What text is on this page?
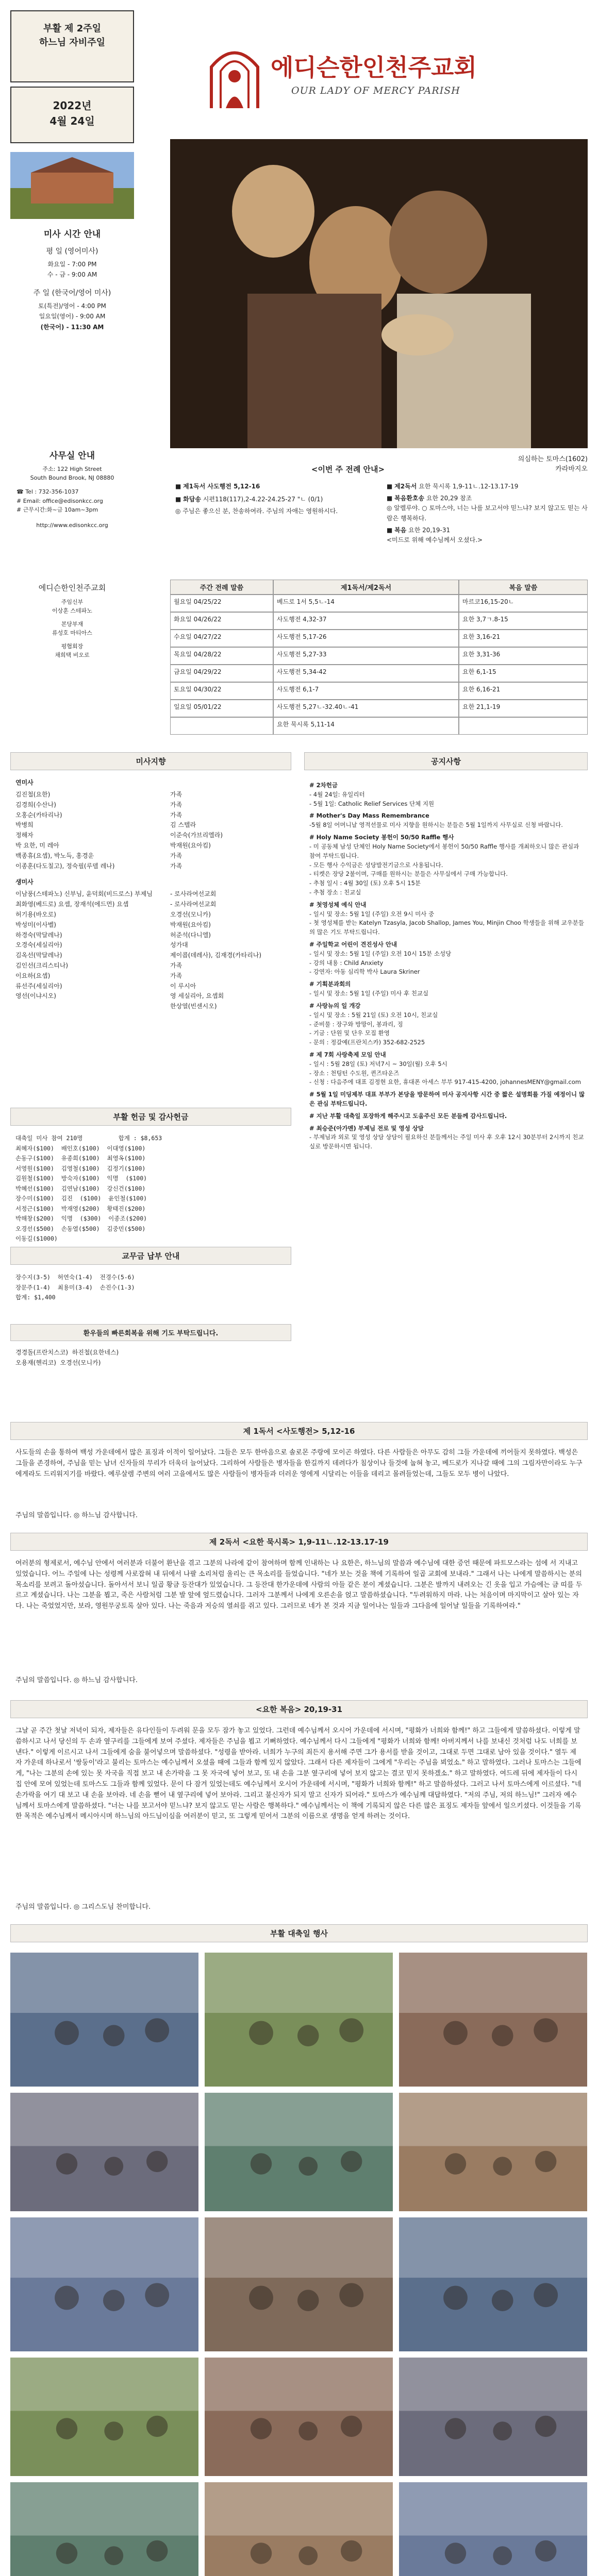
부활 제 2주일
하느님 자비주일
2022년
4월 24일
에디슨한인천주교회
OUR LADY OF MERCY PARISH
의심하는 토마스(1602)
카라바지오
미사 시간 안내
평 일 (영어미사)
화요일 - 7:00 PM
수 - 금 - 9:00 AM
주 일 (한국어/영어 미사)
토(특전)/영어 - 4:00 PM
일요일(영어) - 9:00 AM
(한국어) - 11:30 AM
사무실 안내
주소: 122 High Street
South Bound Brook, NJ 08880
☎ Tel : 732-356-1037
# Email: office@edisonkcc.org
# 근무시간:화~금 10am~3pm
http://www.edisonkcc.org
에디슨한인천주교회
주임신부
이상훈 스테파노
본당부재
류성호 마티아스
평협회장
채희택 비오로
<이번 주 전례 안내>
■ 제1독서 사도행전 5,12-16
■ 화답송 시편118(117),2-4.22-24.25-27 "ㄴ (0/1)
◎ 주님은 좋으신 분, 찬송하여라. 주님의 자애는 영원하시다.
■ 제2독서 요한 묵시록 1,9-11ㄴ.12-13.17-19
■ 복음환호송 요한 20,29 참조
◎ 알렐루야. ○ 토마스야, 너는 나를 보고서야 믿느냐? 보지 않고도 믿는 사람은 행복하다.
■ 복음 요한 20,19-31
<미드로 위해 예수님께서 오셨다.>
주간 전례 말씀	제1독서/제2독서	복음 말씀
월요일 04/25/22	베드로 1서 5,5ㄴ-14	마르코16,15-20ㄴ
화요일 04/26/22	사도행전 4,32-37	요한 3,7ㄱ.8-15
수요일 04/27/22	사도행전 5,17-26	요한 3,16-21
목요일 04/28/22	사도행전 5,27-33	요한 3,31-36
금요일 04/29/22	사도행전 5,34-42	요한 6,1-15
토요일 04/30/22	사도행전 6,1-7	요한 6,16-21
일요일 05/01/22	사도행전 5,27ㄴ-32.40ㄴ-41	요한 21,1-19
요한 묵시록 5,11-14
미사지향
연미사
김진철(요한)	가족
김경희(수산나)	가족
오홍순(카타리나)	가족
박병희	김 스텔라
정해자	이준숙(가브리엘라)
박 요한, 미 레아	박재원(요아킴)
백종휴(요셉), 박노득, 홍경운	가족
이종훈(다도칠고), 정숙필(루델 레나)	가족
생미사
이남풍(스테파노) 신부님, 윤덕회(비드로스) 부제님	- 로사라여선교회
최화영(베드로) 요셉, 장재석(에드먼) 요셉	- 로사라여선교회
허기용(바오로)	오경선(모니카)
박성미(이사벨)	박재원(요아킴)
하경숙(막달레나)	허준석(다니엘)
오경숙(세실리아)	성가대
김옥선(막달레나)	제이콥(데레사), 김재경(카타리나)
김인선(크리스티나)	가족
이요하(요셉)	가족
류선주(세실리아)	이 루시아
영선(이냐시오)	영 세실리아, 요셉회
한상열(빈센시오)
부활 헌금 및 감사헌금
대축일 미사 참여 210명          합계 : $8,653
최혜자($100)  배인호($100)  이대영($100)
손동구($100)  유종희($100)  최영옥($100)
서영원($100)  김영철($100)  김정기($100)
김원철($100)  방숙자($100)  익명  ($100)
박혜선($100)  김연남($100)  강신건($100)
장수미($100)  김진  ($100)  윤인철($100)
서정근($100)  박재영($200)  황태진($200)
박해창($200)  익명  ($300)  이종조($200)
오경선($500)  손동열($500)  김중민($500)
이동길($1000)
교무금 납부 안내
장수지(3-5)  허연숙(1-4)  전경수(5-6)
장문주(1-4)  최용미(3-4)  손진수(1-3)
합계: $1,400
환우들의 빠른회복을 위해 기도 부탁드립니다.
경경돌(프란치스코)  하진철(요한네스)
오용재(헨리코)  오경선(모니카)
공지사항
# 2차헌금
- 4월 24일: 유일리터
- 5월 1일: Catholic Relief Services 단체 지원
# Mother's Day Mass Remembrance
-5월 8일 어머니날 영적선물로 미사 지향을 원하시는 분들은 5월 1일까지 사무실로 신청 바랍니다.
# Holy Name Society 봉헌이 50/50 Raffle 행사
- 미 공동체 남성 단체인 Holy Name Society에서 봉헌이 50/50 Raffle 행사를 개최하오니 많은 관심과 참여 부탁드립니다.
- 모든 행사 수익금은 성당발전기금으로 사용됩니다.
- 티켓은 장당 2불이며, 구매를 원하시는 분들은 사무실에서 구매 가능합니다.
- 추첨 일시 : 4월 30일 (토) 오후 5시 15분
- 추첨 장소 : 친교실
# 첫영성체 예식 안내
- 일시 및 장소: 5월 1일 (주일) 오전 9시 미사 중
- 첫 영성체를 받는 Katelyn Tzasyla, Jacob Shallop, James You, Minjin Choo 학생들을 위해 교우분들의 많은 기도 부탁드립니다.
# 주일학교 어린이 견진성사 안내
- 일시 및 장소: 5월 1일 (주일) 오전 10시 15분 소성당
- 강의 내용 : Child Anxiety
- 강연자: 아동 심리학 박사 Laura Skriner
# 기획분과회의
- 일시 및 장소: 5월 1일 (주일) 미사 후 친교실
# 사랑뉴의 일 개강
- 일시 및 장소 : 5월 21일 (토) 오전 10시, 친교실
- 준비물 : 장구와 방망이, 봉과리, 징
- 기금 : 단원 및 단우 모집 환영
- 문의 : 정갈예(프란치스카) 352-682-2525
# 제 7회 사랑축제 모임 안내
- 일시 : 5월 28일 (토) 저녁7시 ~ 30일(월) 오후 5시
- 장소 : 천팅턴 수도원, 퀸즈타운즈
- 신청 : 다음주에 대표 김정현 요한, 휴대폰 아세스 부부 917-415-4200, johannesMENY@gmail.com
# 5월 1일 미딩제부 대표 부부가 본당을 방문하여 미사 공지사항 시간 중 짧은 설명회를 가질 예정이니 많은 관심 부탁드립니다.
# 지난 부활 대축일 포장하게 해주시고 도움주신 모든 분들께 감사드립니다.
# 최승준(아가멘) 부제님 전로 및 영성 상담
- 부제님과 외로 및 영성 상담 상담이 필요하신 분들께서는 주일 미사 후 오후 12시 30분부터 2시까지 친교실로 방문하시면 됩니다.
제 1독서 <사도행전> 5,12-16
사도들의 손을 통하여 백성 가운데에서 많은 표징과 이적이 일어났다. 그들은 모두 한마음으로 솔로몬 주랑에 모이곤 하였다. 다른 사람들은 아무도 감히 그들 가운데에 끼어들지 못하였다. 백성은 그들을 존경하여, 주님을 믿는 남녀 신자들의 무리가 더욱더 늘어났다. 그리하여 사람들은 병자들을 한길까지 데려다가 침상이나 들것에 눕혀 놓고, 베드로가 지나갈 때에 그의 그림자만이라도 누구에게라도 드리워지기를 바랐다. 예루살렘 주변의 여러 고을에서도 많은 사람들이 병자들과 더러운 영에게 시달리는 이들을 데리고 몰려들었는데, 그들도 모두 병이 나았다.
주님의 말씀입니다. ◎ 하느님 감사합니다.
제 2독서 <요한 묵시록> 1,9-11ㄴ.12-13.17-19
여러분의 형제로서, 예수님 안에서 여러분과 더불어 환난을 겪고 그분의 나라에 같이 참여하며 함께 인내하는 나 요한은, 하느님의 말씀과 예수님에 대한 증언 때문에 파트모스라는 섬에 서 지내고 있었습니다. 어느 주일에 나는 성령께 사로잡혀 내 뒤에서 나팔 소리처럼 울리는 큰 목소리를 들었습니다. "네가 보는 것을 책에 기록하여 일곱 교회에 보내라." 그래서 나는 나에게 말씀하시는 분의 목소리를 보려고 돌아섰습니다. 돌아서서 보니 일곱 황금 등잔대가 있었습니다. 그 등잔대 한가운데에 사람의 아들 같은 분이 계셨습니다. 그분은 발까지 내려오는 긴 옷을 입고 가슴에는 금 띠를 두르고 계셨습니다. 나는 그분을 뵙고, 죽은 사람처럼 그분 발 앞에 엎드렸습니다. 그러자 그분께서 나에게 오른손을 얹고 말씀하셨습니다. "두려워하지 마라. 나는 처음이며 마지막이고 살아 있는 자다. 나는 죽었었지만, 보라, 영원무궁토록 살아 있다. 나는 죽음과 저승의 열쇠를 쥐고 있다. 그러므로 네가 본 것과 지금 일어나는 일들과 그다음에 일어날 일들을 기록하여라."
주님의 말씀입니다. ◎ 하느님 감사합니다.
<요한 복음> 20,19-31
그날 곧 주간 첫날 저녁이 되자, 제자들은 유다인들이 두려워 문을 모두 잠가 놓고 있었다. 그런데 예수님께서 오시어 가운데에 서시며, "평화가 너희와 함께!" 하고 그들에게 말씀하셨다. 이렇게 말씀하시고 나서 당신의 두 손과 옆구리를 그들에게 보여 주셨다. 제자들은 주님을 뵙고 기뻐하였다. 예수님께서 다시 그들에게 "평화가 너희와 함께! 아버지께서 나를 보내신 것처럼 나도 너희를 보낸다." 이렇게 이르시고 나서 그들에게 숨을 불어넣으며 말씀하셨다. "성령을 받아라. 너희가 누구의 죄든지 용서해 주면 그가 용서를 받을 것이고, 그대로 두면 그대로 남아 있을 것이다." 열두 제자 가운데 하나로서 '쌍둥이'라고 불리는 토마스는 예수님께서 오셨을 때에 그들과 함께 있지 않았다. 그래서 다른 제자들이 그에게 "우리는 주님을 뵈었소." 하고 말하였다. 그러나 토마스는 그들에게, "나는 그분의 손에 있는 못 자국을 직접 보고 내 손가락을 그 못 자국에 넣어 보고, 또 내 손을 그분 옆구리에 넣어 보지 않고는 결코 믿지 못하겠소." 하고 말하였다. 여드레 뒤에 제자들이 다시 집 안에 모여 있었는데 토마스도 그들과 함께 있었다. 문이 다 잠겨 있었는데도 예수님께서 오시어 가운데에 서시며, "평화가 너희와 함께!" 하고 말씀하셨다. 그러고 나서 토마스에게 이르셨다. "네 손가락을 여기 대 보고 내 손을 보아라. 네 손을 뻗어 내 옆구리에 넣어 보아라. 그리고 불신자가 되지 말고 신자가 되어라." 토마스가 예수님께 대답하였다. "저의 주님, 저의 하느님!" 그러자 예수님께서 토마스에게 말씀하셨다. "너는 나를 보고서야 믿느냐? 보지 않고도 믿는 사람은 행복하다." 예수님께서는 이 책에 기록되지 않은 다른 많은 표징도 제자들 앞에서 일으키셨다. 이것들을 기록한 목적은 예수님께서 메시아시며 하느님의 아드님이심을 여러분이 믿고, 또 그렇게 믿어서 그분의 이름으로 생명을 얻게 하려는 것이다.
주님의 말씀입니다. ◎ 그리스도님 찬미합니다.
부활 대축일 행사
